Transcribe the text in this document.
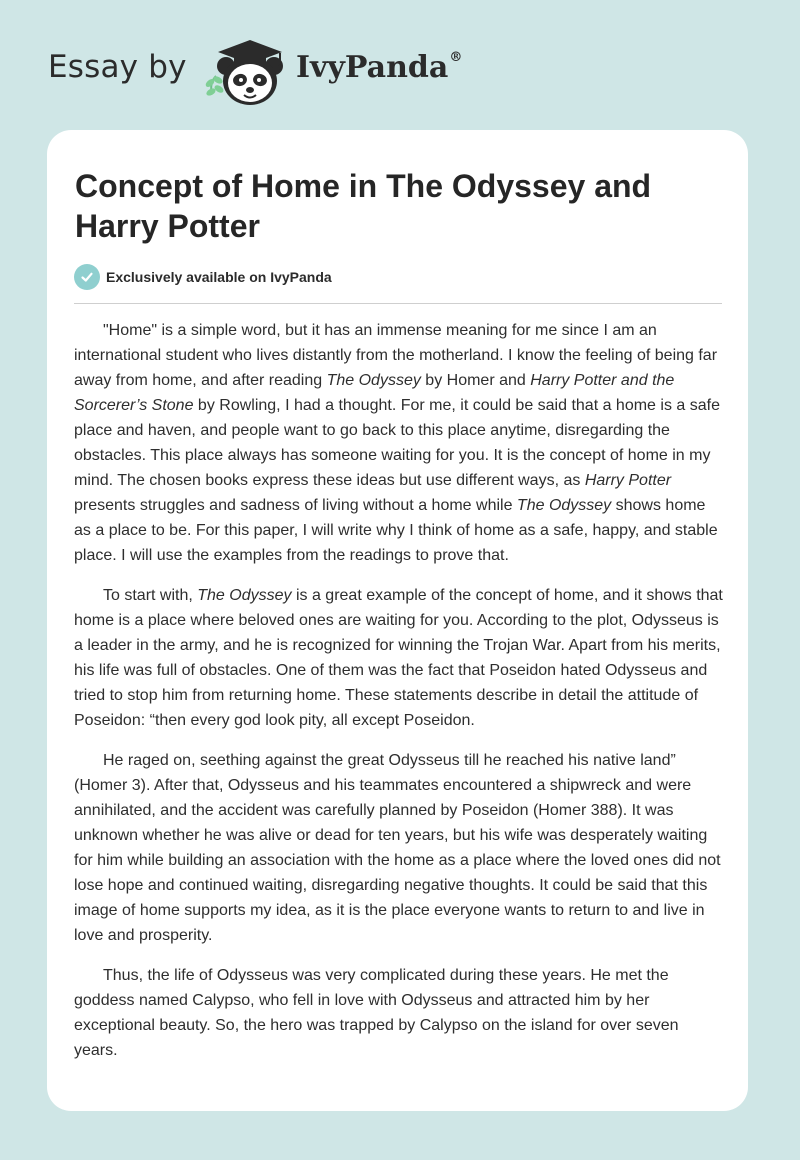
Essay by	IvyPanda®
Concept of Home in The Odyssey and Harry Potter
Exclusively available on IvyPanda

"Home" is a simple word, but it has an immense meaning for me since I am an international student who lives distantly from the motherland. I know the feeling of being far away from home, and after reading The Odyssey by Homer and Harry Potter and the Sorcerer’s Stone by Rowling, I had a thought. For me, it could be said that a home is a safe place and haven, and people want to go back to this place anytime, disregarding the obstacles. This place always has someone waiting for you. It is the concept of home in my mind. The chosen books express these ideas but use different ways, as Harry Potter presents struggles and sadness of living without a home while The Odyssey shows home as a place to be. For this paper, I will write why I think of home as a safe, happy, and stable place. I will use the examples from the readings to prove that.

To start with, The Odyssey is a great example of the concept of home, and it shows that home is a place where beloved ones are waiting for you. According to the plot, Odysseus is a leader in the army, and he is recognized for winning the Trojan War. Apart from his merits, his life was full of obstacles. One of them was the fact that Poseidon hated Odysseus and tried to stop him from returning home. These statements describe in detail the attitude of Poseidon: “then every god look pity, all except Poseidon.

He raged on, seething against the great Odysseus till he reached his native land” (Homer 3). After that, Odysseus and his teammates encountered a shipwreck and were annihilated, and the accident was carefully planned by Poseidon (Homer 388). It was unknown whether he was alive or dead for ten years, but his wife was desperately waiting for him while building an association with the home as a place where the loved ones did not lose hope and continued waiting, disregarding negative thoughts. It could be said that this image of home supports my idea, as it is the place everyone wants to return to and live in love and prosperity.

Thus, the life of Odysseus was very complicated during these years. He met the goddess named Calypso, who fell in love with Odysseus and attracted him by her exceptional beauty. So, the hero was trapped by Calypso on the island for over seven years.
